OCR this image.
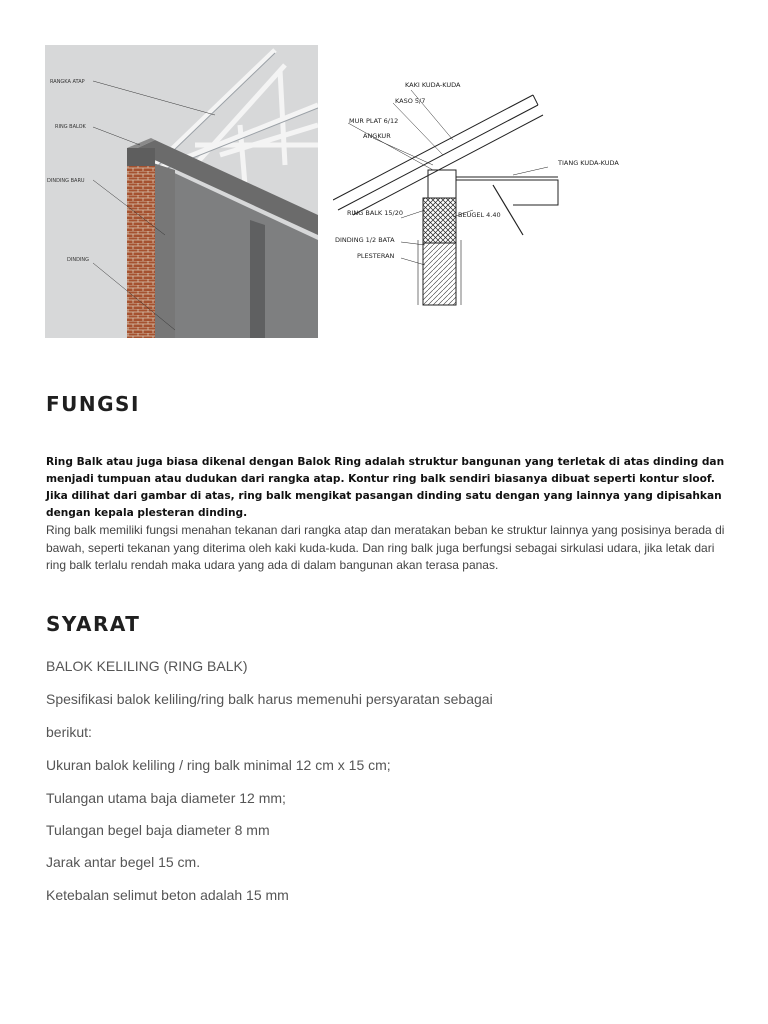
RANGKA ATAP
RING BALOK
DINDING BARU
DINDING
KAKI KUDA-KUDA
KASO 5/7
MUR PLAT 6/12
ANGKUR
TIANG KUDA-KUDA
RING BALK 15/20	BEUGEL 4.40
DINDING 1/2 BATA
PLESTERAN
FUNGSI

Ring Balk atau juga biasa dikenal dengan Balok Ring adalah struktur bangunan yang terletak di atas dinding dan menjadi tumpuan atau dudukan dari rangka atap. Kontur ring balk sendiri biasanya dibuat seperti kontur sloof. Jika dilihat dari gambar di atas, ring balk mengikat pasangan dinding satu dengan yang lainnya yang dipisahkan dengan kepala plesteran dinding.

Ring balk memiliki fungsi menahan tekanan dari rangka atap dan meratakan beban ke struktur lainnya yang posisinya berada di bawah, seperti tekanan yang diterima oleh kaki kuda-kuda. Dan ring balk juga berfungsi sebagai sirkulasi udara, jika letak dari ring balk terlalu rendah maka udara yang ada di dalam bangunan akan terasa panas.

SYARAT

BALOK KELILING (RING BALK)

Spesifikasi balok keliling/ring balk harus memenuhi persyaratan sebagai

berikut:

Ukuran balok keliling / ring balk minimal 12 cm x 15 cm;

Tulangan utama baja diameter 12 mm;

Tulangan begel baja diameter 8 mm

Jarak antar begel 15 cm.

Ketebalan selimut beton adalah 15 mm
